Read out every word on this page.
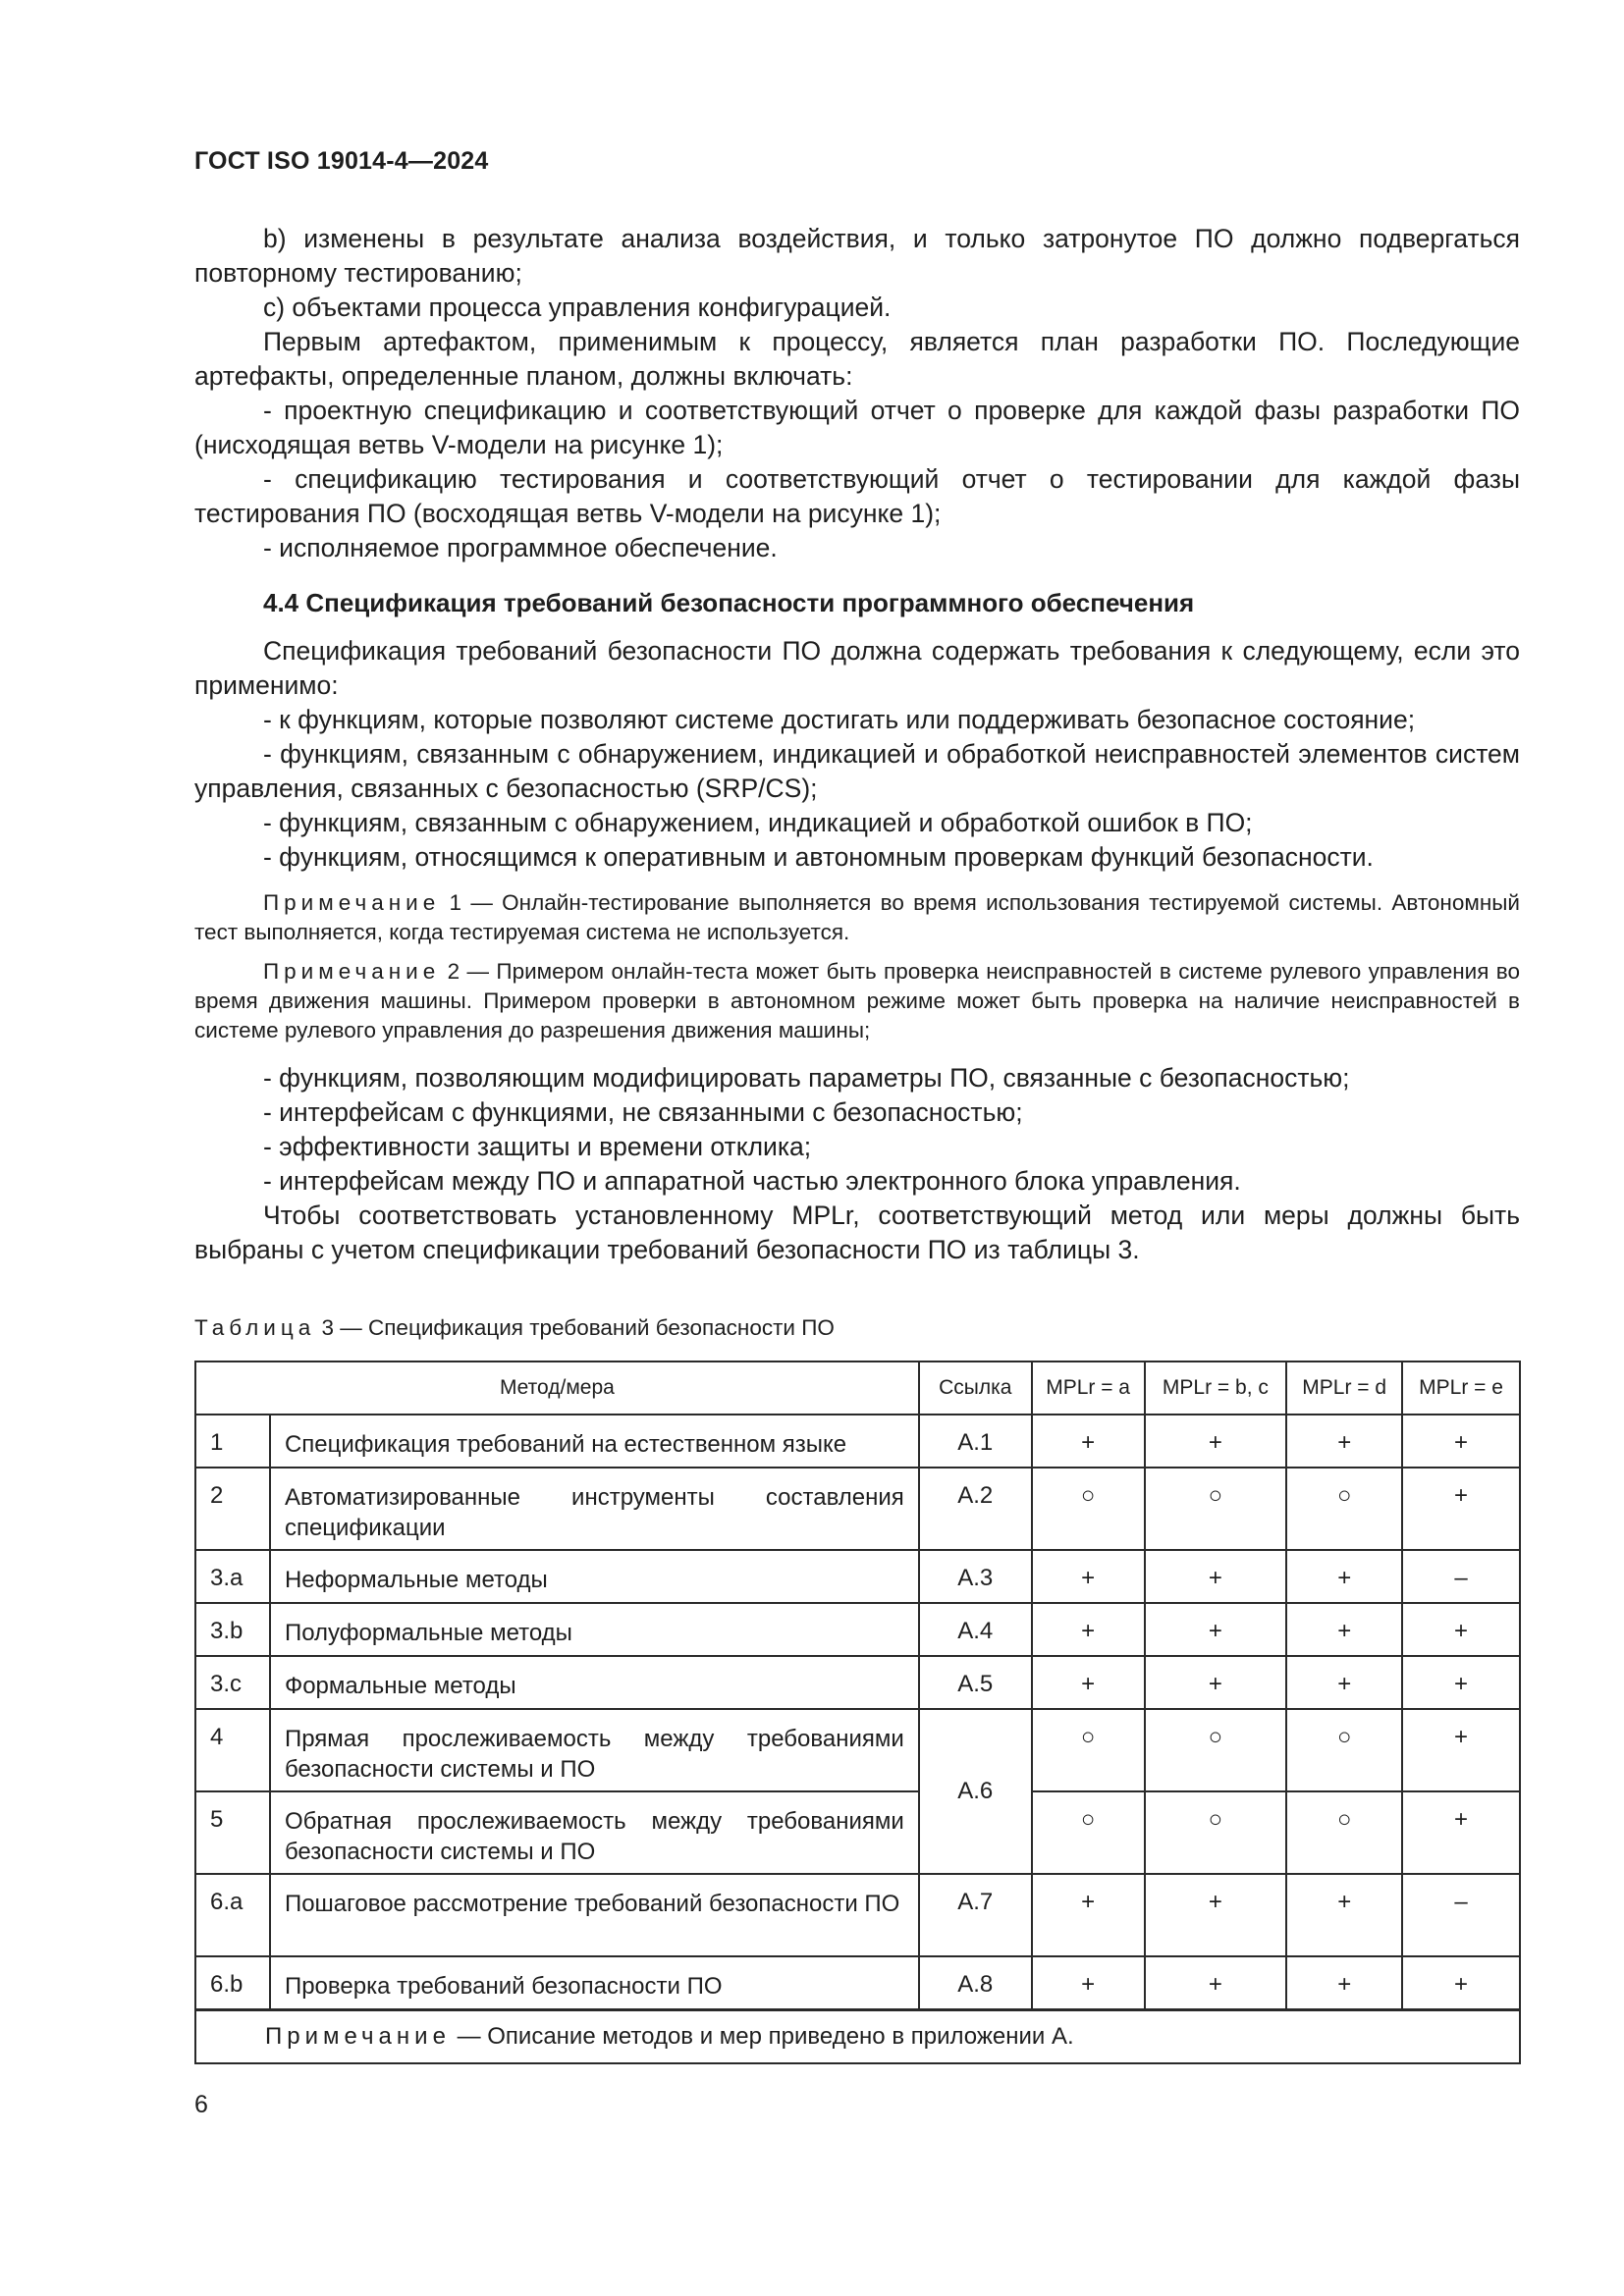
ГОСТ ISO 19014-4—2024

b) изменены в результате анализа воздействия, и только затронутое ПО должно подвергаться повторному тестированию;

c) объектами процесса управления конфигурацией.

Первым артефактом, применимым к процессу, является план разработки ПО. Последующие артефакты, определенные планом, должны включать:

- проектную спецификацию и соответствующий отчет о проверке для каждой фазы разработки ПО (нисходящая ветвь V-модели на рисунке 1);

- спецификацию тестирования и соответствующий отчет о тестировании для каждой фазы тестирования ПО (восходящая ветвь V-модели на рисунке 1);

- исполняемое программное обеспечение.

4.4 Спецификация требований безопасности программного обеспечения

Спецификация требований безопасности ПО должна содержать требования к следующему, если это применимо:

- к функциям, которые позволяют системе достигать или поддерживать безопасное состояние;

- функциям, связанным с обнаружением, индикацией и обработкой неисправностей элементов систем управления, связанных с безопасностью (SRP/CS);

- функциям, связанным с обнаружением, индикацией и обработкой ошибок в ПО;

- функциям, относящимся к оперативным и автономным проверкам функций безопасности.

Примечание 1 — Онлайн-тестирование выполняется во время использования тестируемой системы. Автономный тест выполняется, когда тестируемая система не используется.

Примечание 2 — Примером онлайн-теста может быть проверка неисправностей в системе рулевого управления во время движения машины. Примером проверки в автономном режиме может быть проверка на наличие неисправностей в системе рулевого управления до разрешения движения машины;

- функциям, позволяющим модифицировать параметры ПО, связанные с безопасностью;

- интерфейсам с функциями, не связанными с безопасностью;

- эффективности защиты и времени отклика;

- интерфейсам между ПО и аппаратной частью электронного блока управления.

Чтобы соответствовать установленному MPLr, соответствующий метод или меры должны быть выбраны с учетом спецификации требований безопасности ПО из таблицы 3.

Таблица 3 — Спецификация требований безопасности ПО
Метод/мера		Ссылка	MPLr = a	MPLr = b, c	MPLr = d	MPLr = e
1	Спецификация требований на естественном языке	A.1	+	+	+	+
2	Автоматизированные инструменты составления спецификации	A.2	○	○	○	+
3.a	Неформальные методы	A.3	+	+	+	–
3.b	Полуформальные методы	A.4	+	+	+	+
3.c	Формальные методы	A.5	+	+	+	+
4	Прямая прослеживаемость между требованиями безопасности системы и ПО	A.6	○	○	○	+
5	Обратная прослеживаемость между требованиями безопасности системы и ПО		○	○	○	+
6.a	Пошаговое рассмотрение требований безопасности ПО	A.7	+	+	+	–
6.b	Проверка требований безопасности ПО	A.8	+	+	+	+
Примечание — Описание методов и мер приведено в приложении А.						
6
